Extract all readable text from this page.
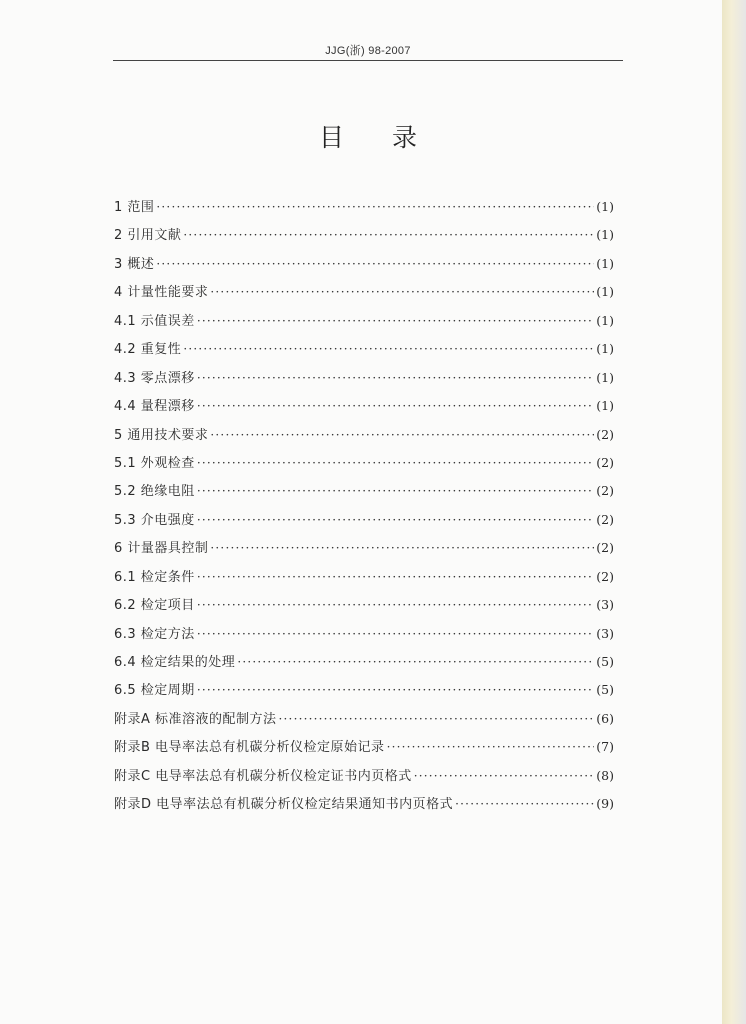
JJG(浙) 98-2007
目录
1 范围 ·····	(1)
2 引用文献 ·····	(1)
3 概述 ·····	(1)
4 计量性能要求 ·····	(1)
4.1 示值误差 ·····	(1)
4.2 重复性 ·····	(1)
4.3 零点漂移 ·····	(1)
4.4 量程漂移 ·····	(1)
5 通用技术要求 ·····	(2)
5.1 外观检查 ·····	(2)
5.2 绝缘电阻 ·····	(2)
5.3 介电强度 ·····	(2)
6 计量器具控制 ·····	(2)
6.1 检定条件 ·····	(2)
6.2 检定项目 ·····	(3)
6.3 检定方法 ·····	(3)
6.4 检定结果的处理 ·····	(5)
6.5 检定周期 ·····	(5)
附录A 标准溶液的配制方法 ·····	(6)
附录B 电导率法总有机碳分析仪检定原始记录 ·····	(7)
附录C 电导率法总有机碳分析仪检定证书内页格式 ·····	(8)
附录D 电导率法总有机碳分析仪检定结果通知书内页格式 ·····	(9)
